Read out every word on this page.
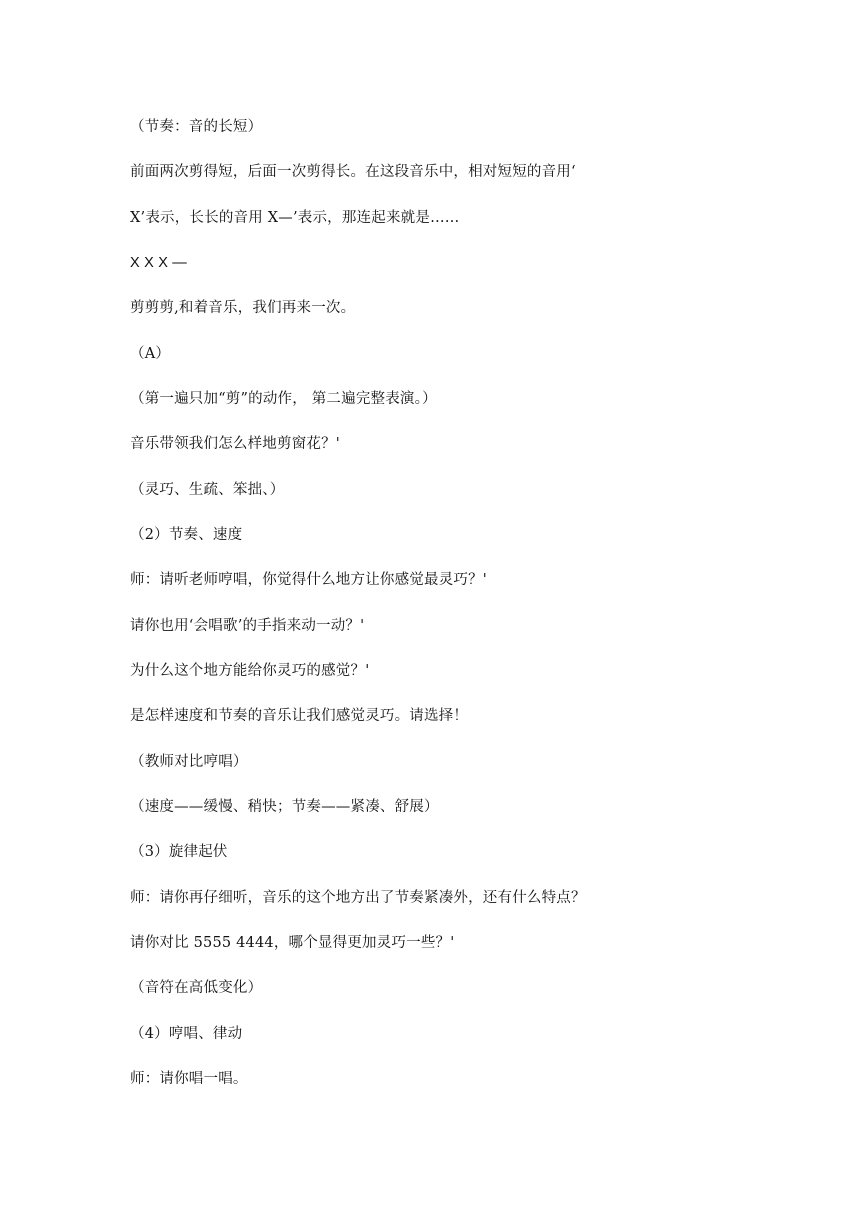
（节奏：音的长短）
前面两次剪得短，后面一次剪得长。在这段音乐中，相对短短的音用‘
X’表示，长长的音用 X—’表示，那连起来就是……
X X X —
剪剪剪,和着音乐，我们再来一次。
（A）
（第一遍只加“剪”的动作， 第二遍完整表演。）
音乐带领我们怎么样地剪窗花？'
（灵巧、生疏、笨拙、）
（2）节奏、速度
师：请听老师哼唱，你觉得什么地方让你感觉最灵巧？'
请你也用‘会唱歌’的手指来动一动？'
为什么这个地方能给你灵巧的感觉？'
是怎样速度和节奏的音乐让我们感觉灵巧。请选择！
（教师对比哼唱）
（速度——缓慢、稍快；节奏——紧凑、舒展）
（3）旋律起伏
师：请你再仔细听，音乐的这个地方出了节奏紧凑外，还有什么特点？
请你对比 5555 4444，哪个显得更加灵巧一些？'
（音符在高低变化）
（4）哼唱、律动
师：请你唱一唱。
